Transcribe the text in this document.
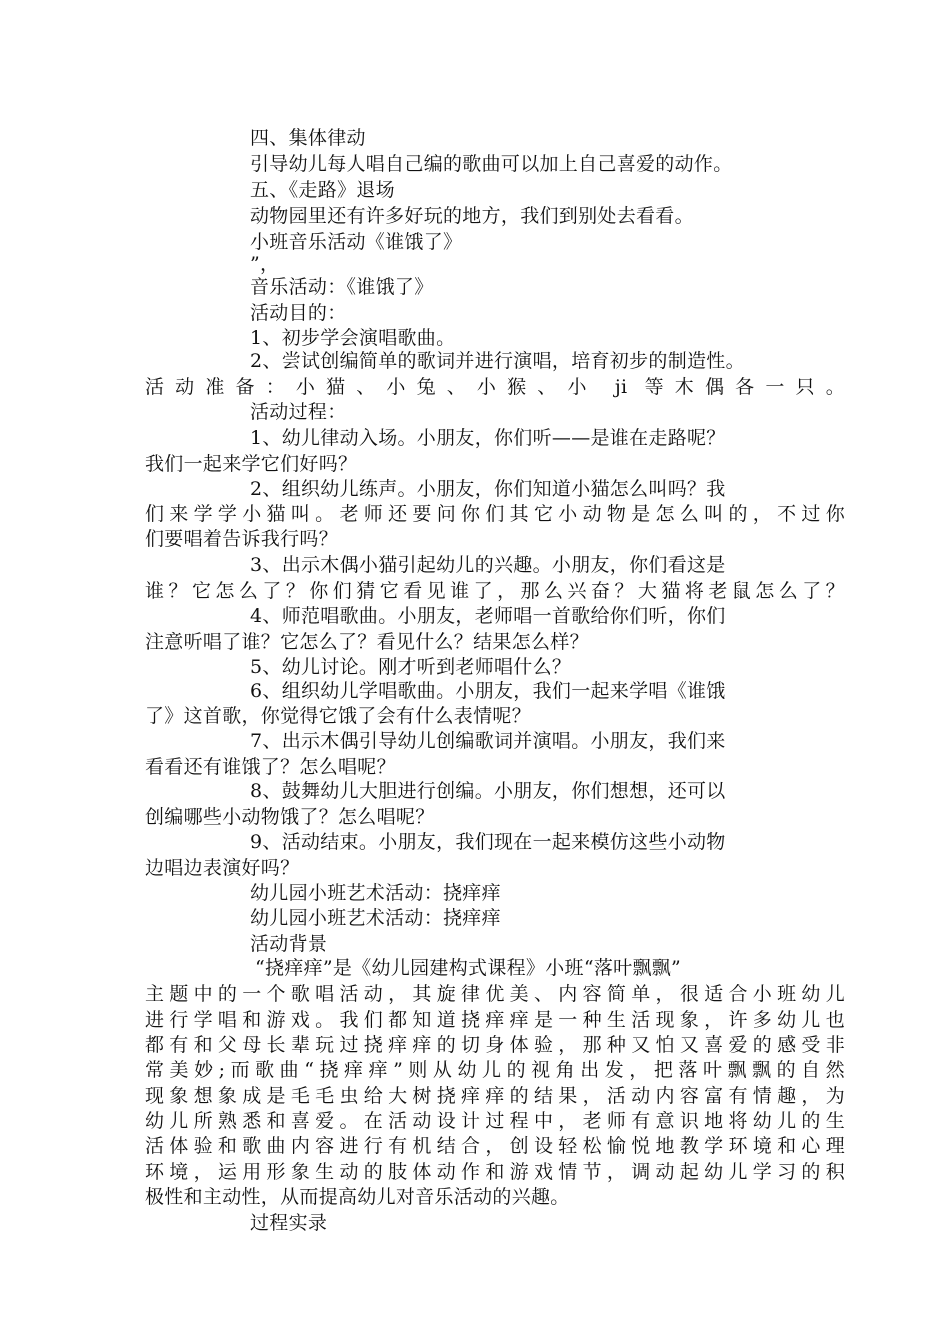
四、集体律动
引导幼儿每人唱自己编的歌曲可以加上自己喜爱的动作。
五、《走路》退场
动物园里还有许多好玩的地方，我们到别处去看看。
小班音乐活动《谁饿了》
”，
音乐活动：《谁饿了》
活动目的：
1、初步学会演唱歌曲。
2、尝试创编简单的歌词并进行演唱，培育初步的制造性。
活动准备：小猫、小兔、小猴、小 ji 等木偶各一只。
活动过程：
1、幼儿律动入场。小朋友，你们听——是谁在走路呢？
我们一起来学它们好吗？
2、组织幼儿练声。小朋友，你们知道小猫怎么叫吗？我
们来学学小猫叫。老师还要问你们其它小动物是怎么叫的，不过你
们要唱着告诉我行吗？
3、出示木偶小猫引起幼儿的兴趣。小朋友，你们看这是
谁？它怎么了？你们猜它看见谁了，那么兴奋？大猫将老鼠怎么了？
4、师范唱歌曲。小朋友，老师唱一首歌给你们听，你们
注意听唱了谁？它怎么了？看见什么？结果怎么样？
5、幼儿讨论。刚才听到老师唱什么？
6、组织幼儿学唱歌曲。小朋友，我们一起来学唱《谁饿
了》这首歌，你觉得它饿了会有什么表情呢？
7、出示木偶引导幼儿创编歌词并演唱。小朋友，我们来
看看还有谁饿了？怎么唱呢？
8、鼓舞幼儿大胆进行创编。小朋友，你们想想，还可以
创编哪些小动物饿了？怎么唱呢？
9、活动结束。小朋友，我们现在一起来模仿这些小动物
边唱边表演好吗？
幼儿园小班艺术活动：挠痒痒
幼儿园小班艺术活动：挠痒痒
活动背景
“挠痒痒”是《幼儿园建构式课程》小班“落叶飘飘”
主题中的一个歌唱活动，其旋律优美、内容简单，很适合小班幼儿
进行学唱和游戏。我们都知道挠痒痒是一种生活现象，许多幼儿也
都有和父母长辈玩过挠痒痒的切身体验，那种又怕又喜爱的感受非
常美妙;而歌曲“挠痒痒”则从幼儿的视角出发，把落叶飘飘的自然
现象想象成是毛毛虫给大树挠痒痒的结果，活动内容富有情趣，为
幼儿所熟悉和喜爱。在活动设计过程中，老师有意识地将幼儿的生
活体验和歌曲内容进行有机结合，创设轻松愉悦地教学环境和心理
环境，运用形象生动的肢体动作和游戏情节，调动起幼儿学习的积
极性和主动性，从而提高幼儿对音乐活动的兴趣。
过程实录
